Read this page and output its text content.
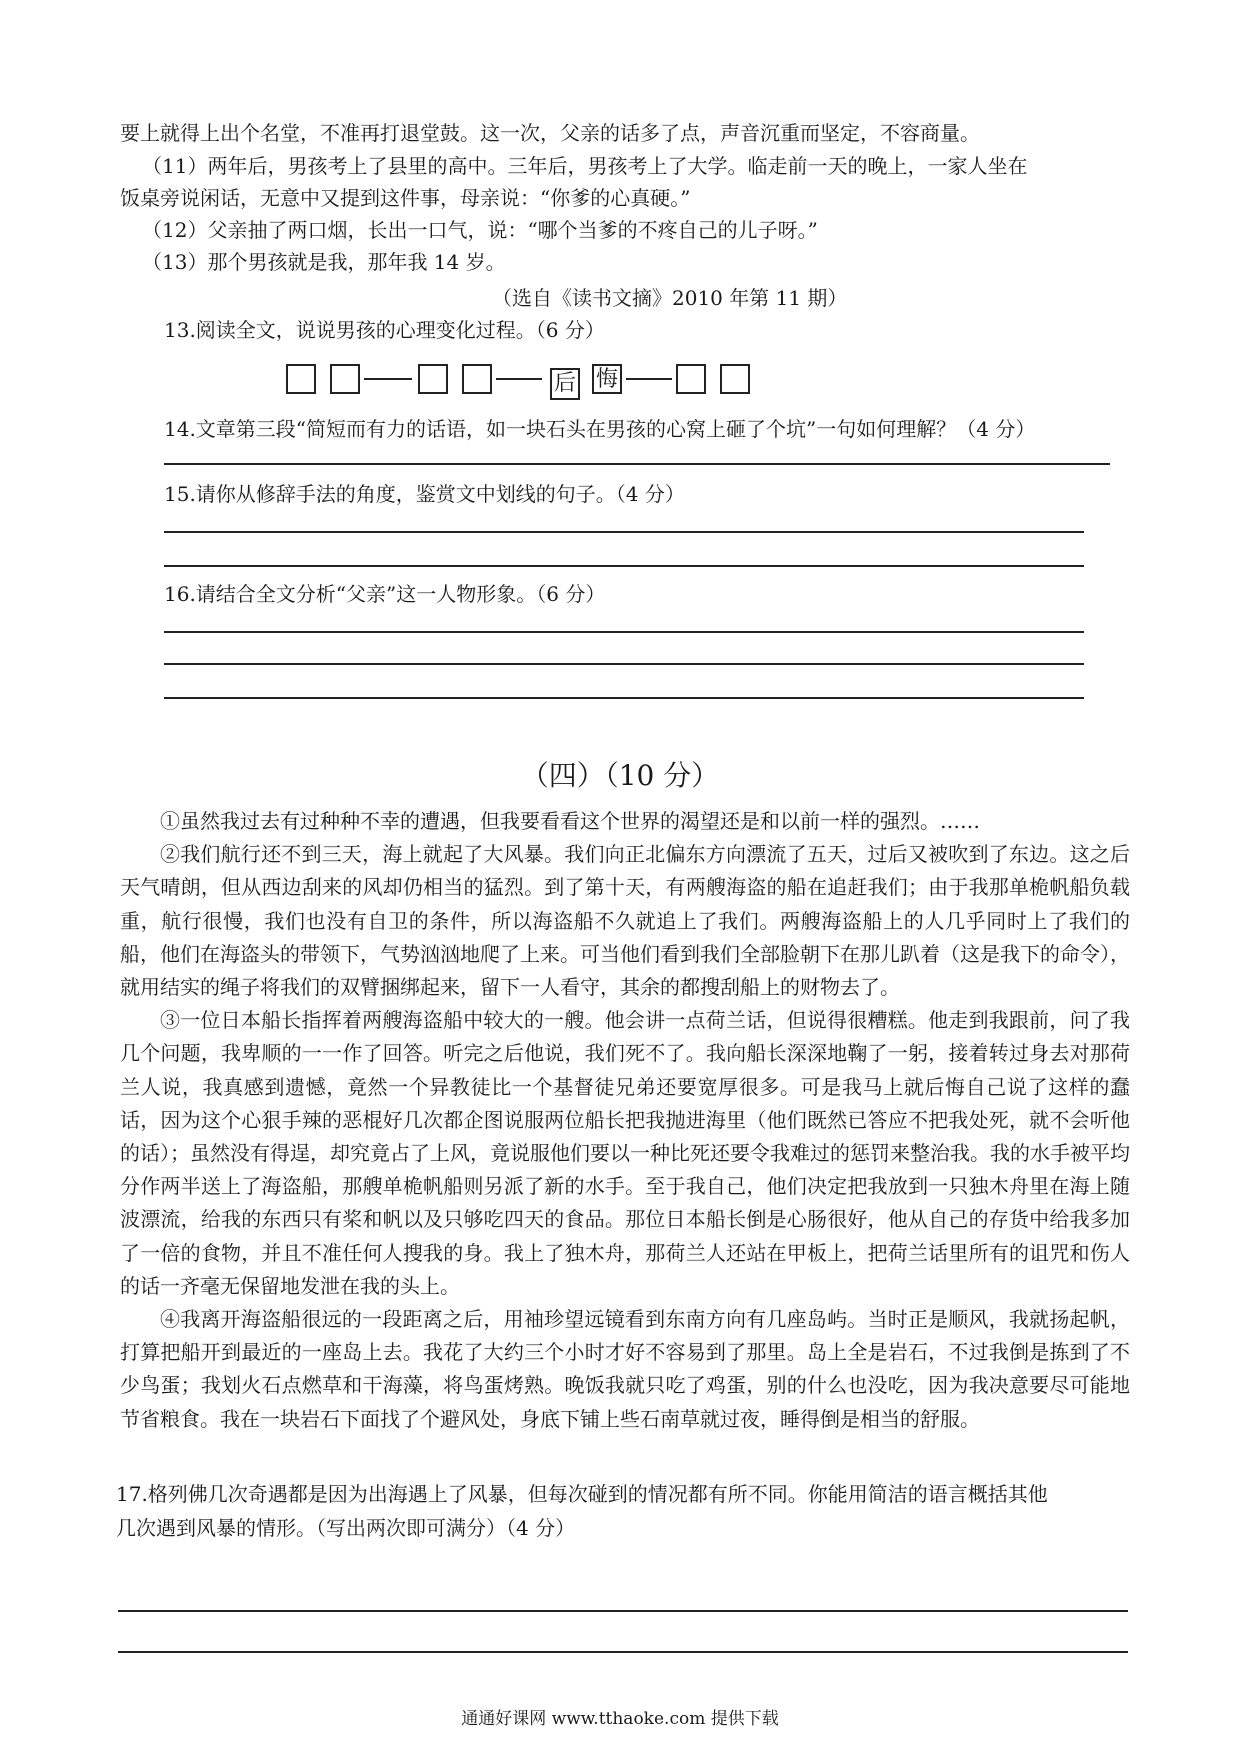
要上就得上出个名堂，不准再打退堂鼓。这一次，父亲的话多了点，声音沉重而坚定，不容商量。
（11）两年后，男孩考上了县里的高中。三年后，男孩考上了大学。临走前一天的晚上，一家人坐在
饭桌旁说闲话，无意中又提到这件事，母亲说：“你爹的心真硬。”
（12）父亲抽了两口烟，长出一口气，说：“哪个当爹的不疼自己的儿子呀。”
（13）那个男孩就是我，那年我 14 岁。
（选自《读书文摘》2010 年第 11 期）
13.阅读全文，说说男孩的心理变化过程。（6 分）
后 悔
14.文章第三段“简短而有力的话语，如一块石头在男孩的心窝上砸了个坑”一句如何理解？（4 分）
15.请你从修辞手法的角度，鉴赏文中划线的句子。（4 分）
16.请结合全文分析“父亲”这一人物形象。（6 分）
（四）（10 分）

①虽然我过去有过种种不幸的遭遇，但我要看看这个世界的渴望还是和以前一样的强烈。……

②我们航行还不到三天，海上就起了大风暴。我们向正北偏东方向漂流了五天，过后又被吹到了东边。这之后天气晴朗，但从西边刮来的风却仍相当的猛烈。到了第十天，有两艘海盗的船在追赶我们；由于我那单桅帆船负载重，航行很慢，我们也没有自卫的条件，所以海盗船不久就追上了我们。两艘海盗船上的人几乎同时上了我们的船，他们在海盗头的带领下，气势汹汹地爬了上来。可当他们看到我们全部脸朝下在那儿趴着（这是我下的命令），就用结实的绳子将我们的双臂捆绑起来，留下一人看守，其余的都搜刮船上的财物去了。

③一位日本船长指挥着两艘海盗船中较大的一艘。他会讲一点荷兰话，但说得很糟糕。他走到我跟前，问了我几个问题，我卑顺的一一作了回答。听完之后他说，我们死不了。我向船长深深地鞠了一躬，接着转过身去对那荷兰人说，我真感到遗憾，竟然一个异教徒比一个基督徒兄弟还要宽厚很多。可是我马上就后悔自己说了这样的蠢话，因为这个心狠手辣的恶棍好几次都企图说服两位船长把我抛进海里（他们既然已答应不把我处死，就不会听他的话）；虽然没有得逞，却究竟占了上风，竟说服他们要以一种比死还要令我难过的惩罚来整治我。我的水手被平均分作两半送上了海盗船，那艘单桅帆船则另派了新的水手。至于我自己，他们决定把我放到一只独木舟里在海上随波漂流，给我的东西只有桨和帆以及只够吃四天的食品。那位日本船长倒是心肠很好，他从自己的存货中给我多加了一倍的食物，并且不准任何人搜我的身。我上了独木舟，那荷兰人还站在甲板上，把荷兰话里所有的诅咒和伤人的话一齐毫无保留地发泄在我的头上。

④我离开海盗船很远的一段距离之后，用袖珍望远镜看到东南方向有几座岛屿。当时正是顺风，我就扬起帆，打算把船开到最近的一座岛上去。我花了大约三个小时才好不容易到了那里。岛上全是岩石，不过我倒是拣到了不少鸟蛋；我划火石点燃草和干海藻，将鸟蛋烤熟。晚饭我就只吃了鸡蛋，别的什么也没吃，因为我决意要尽可能地节省粮食。我在一块岩石下面找了个避风处，身底下铺上些石南草就过夜，睡得倒是相当的舒服。

17.格列佛几次奇遇都是因为出海遇上了风暴，但每次碰到的情况都有所不同。你能用简洁的语言概括其他
几次遇到风暴的情形。（写出两次即可满分）（4 分）
通通好课网 www.tthaoke.com 提供下载
